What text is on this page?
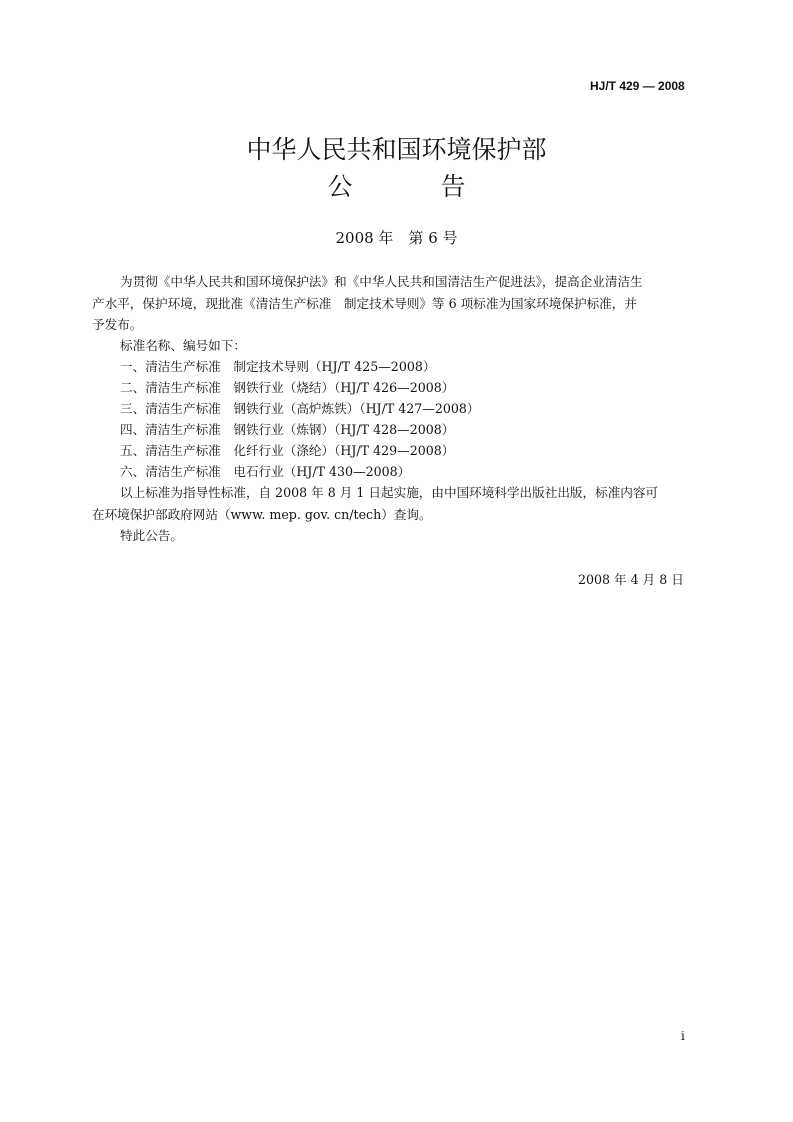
HJ/T 429 — 2008
中华人民共和国环境保护部
公告
2008 年　第 6 号
为贯彻《中华人民共和国环境保护法》和《中华人民共和国清洁生产促进法》，提高企业清洁生
产水平，保护环境，现批准《清洁生产标准　制定技术导则》等 6 项标准为国家环境保护标准，并
予发布。
标准名称、编号如下：
一、清洁生产标准　制定技术导则（HJ/T 425—2008）
二、清洁生产标准　钢铁行业（烧结）（HJ/T 426—2008）
三、清洁生产标准　钢铁行业（高炉炼铁）（HJ/T 427—2008）
四、清洁生产标准　钢铁行业（炼钢）（HJ/T 428—2008）
五、清洁生产标准　化纤行业（涤纶）（HJ/T 429—2008）
六、清洁生产标准　电石行业（HJ/T 430—2008）
以上标准为指导性标准，自 2008 年 8 月 1 日起实施，由中国环境科学出版社出版，标准内容可
在环境保护部政府网站（www. mep. gov. cn/tech）查询。
特此公告。
2008 年 4 月 8 日
i
